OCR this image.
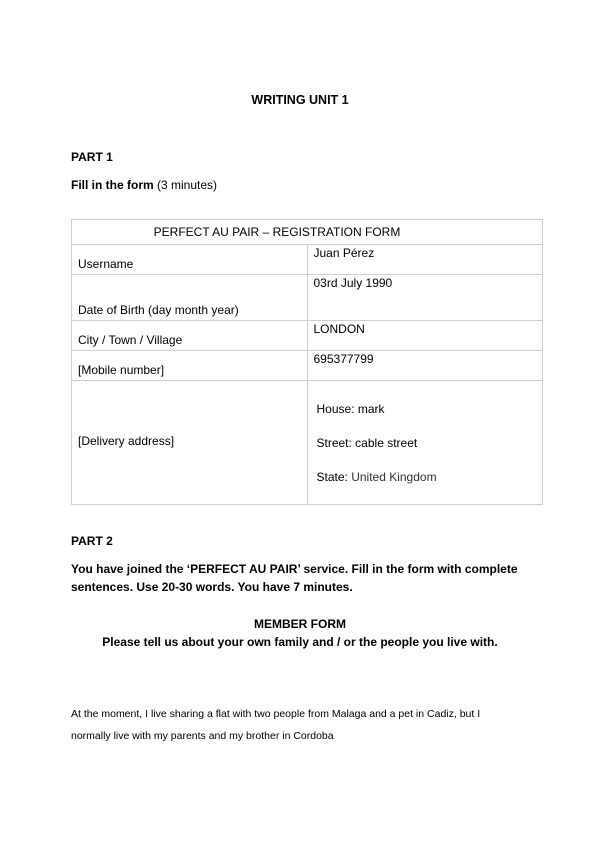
WRITING UNIT 1
PART 1
Fill in the form (3 minutes)
PERFECT AU PAIR – REGISTRATION FORM	
Username	Juan Pérez
Date of Birth (day month year)	03rd July 1990
City / Town / Village	LONDON
[Mobile number]	695377799
[Delivery address]	House: mark

Street: cable street

State: United Kingdom

PART 2
You have joined the ‘PERFECT AU PAIR’ service. Fill in the form with complete
sentences. Use 20-30 words. You have 7 minutes.
MEMBER FORM
Please tell us about your own family and / or the people you live with.
At the moment, I live sharing a flat with two people from Malaga and a pet in Cadiz, but I
normally live with my parents and my brother in Cordoba
